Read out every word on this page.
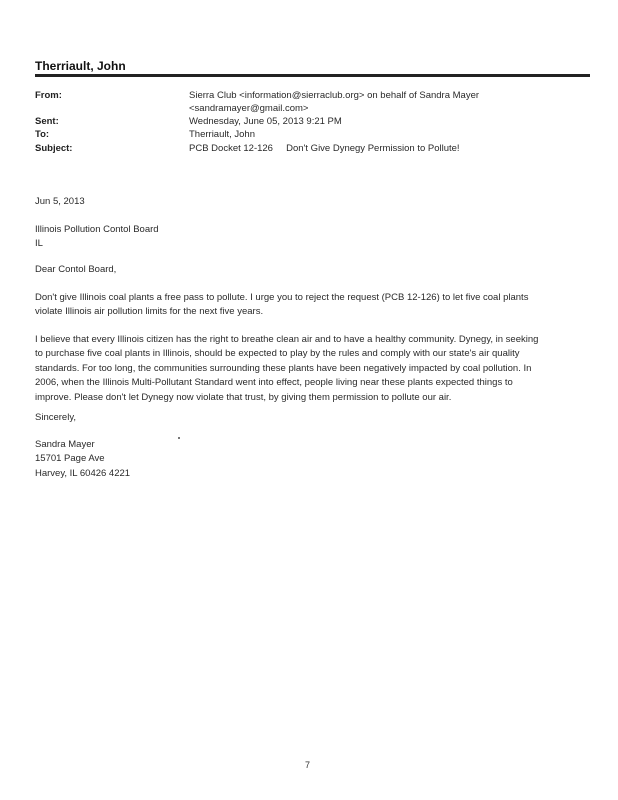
Therriault, John
From:	Sierra Club <information@sierraclub.org> on behalf of Sandra Mayer
<sandramayer@gmail.com>
Sent:	Wednesday, June 05, 2013 9:21 PM
To:	Therriault, John
Subject:	PCB Docket 12-126     Don't Give Dynegy Permission to Pollute!
Jun 5, 2013
Illinois Pollution Contol Board
IL
Dear Contol Board,
Don't give Illinois coal plants a free pass to pollute. I urge you to reject the request (PCB 12-126) to let five coal plants
violate Illinois air pollution limits for the next five years.
I believe that every Illinois citizen has the right to breathe clean air and to have a healthy community. Dynegy, in seeking
to purchase five coal plants in Illinois, should be expected to play by the rules and comply with our state's air quality
standards. For too long, the communities surrounding these plants have been negatively impacted by coal pollution. In
2006, when the Illinois Multi-Pollutant Standard went into effect, people living near these plants expected things to
improve. Please don't let Dynegy now violate that trust, by giving them permission to pollute our air.
Sincerely,
Sandra Mayer
15701 Page Ave
Harvey, IL 60426 4221
7
